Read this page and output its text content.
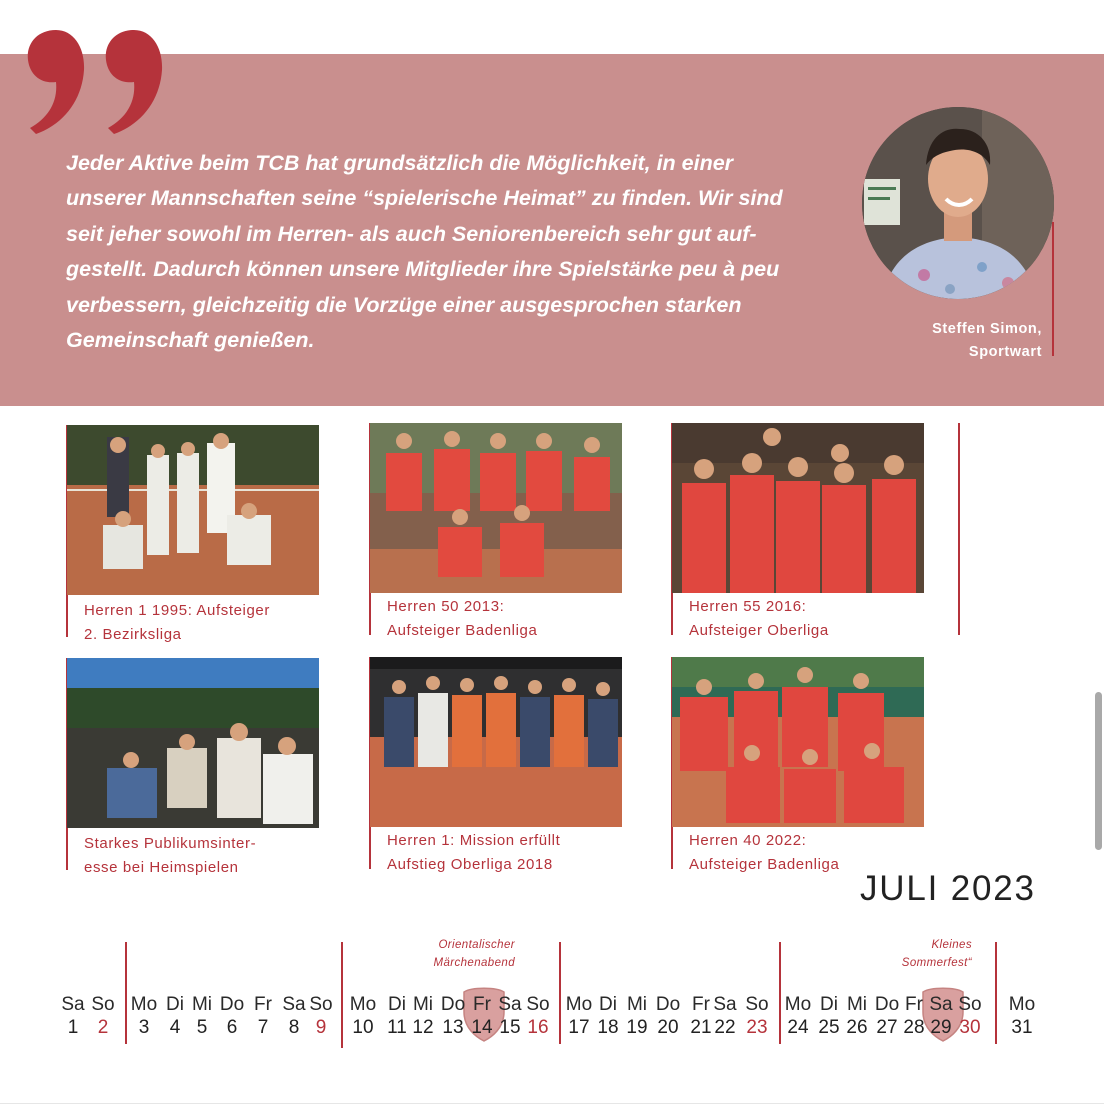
Jeder Aktive beim TCB hat grundsätzlich die Möglichkeit, in einer
unserer Mannschaften seine “spielerische Heimat” zu finden. Wir sind
seit jeher sowohl im Herren- als auch Seniorenbereich sehr gut auf-
gestellt. Dadurch können unsere Mitglieder ihre Spielstärke peu à peu
verbessern, gleichzeitig die Vorzüge einer ausgesprochen starken
Gemeinschaft genießen.	Steffen Simon,
Sportwart
Herren 1 1995: Aufsteiger
2. Bezirksliga
Herren 50 2013:
Aufsteiger Badenliga
Herren 55 2016:
Aufsteiger Oberliga
Starkes Publikumsinter-
esse bei Heimspielen
Herren 1: Mission erfüllt
Aufstieg Oberliga 2018
Herren 40 2022:
Aufsteiger Badenliga
JULI 2023
Orientalischer
Märchenabend
Kleines
Sommerfest“
Sa
1
So
2
Mo
3
Di
4
Mi
5
Do
6
Fr
7
Sa
8
So
9
Mo
10
Di
11
Mi
12
Do
13
Fr
14
Sa
15
So
16
Mo
17
Di
18
Mi
19
Do
20
Fr
21
Sa
22
So
23
Mo
24
Di
25
Mi
26
Do
27
Fr
28
Sa
29
So
30
Mo
31
